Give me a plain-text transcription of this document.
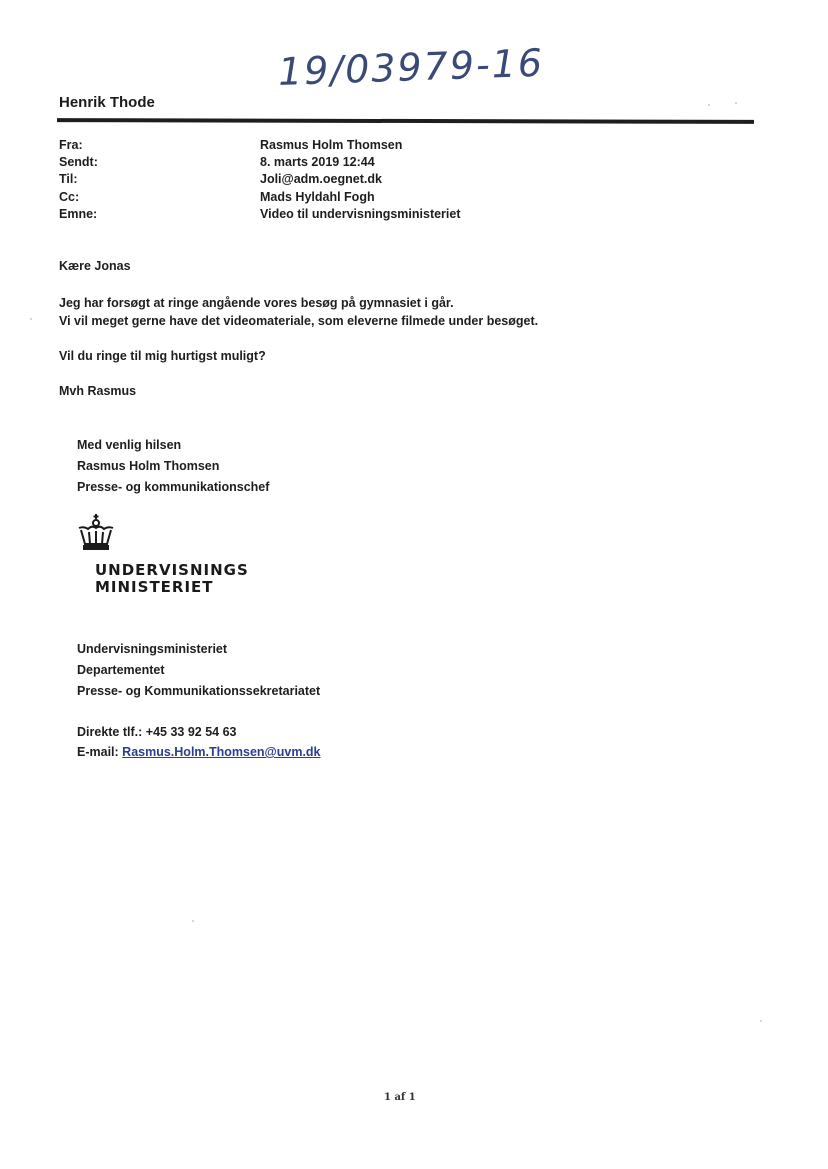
19/03979-16
Henrik Thode
Fra:	Rasmus Holm Thomsen
Sendt:	8. marts 2019 12:44
Til:	Joli@adm.oegnet.dk
Cc:	Mads Hyldahl Fogh
Emne:	Video til undervisningsministeriet
Kære Jonas
Jeg har forsøgt at ringe angående vores besøg på gymnasiet i går.
Vi vil meget gerne have det videomateriale, som eleverne filmede under besøget.
Vil du ringe til mig hurtigst muligt?
Mvh Rasmus
Med venlig hilsen
Rasmus Holm Thomsen
Presse- og kommunikationschef
UNDERVISNINGS
MINISTERIET
Undervisningsministeriet
Departementet
Presse- og Kommunikationssekretariatet
Direkte tlf.: +45 33 92 54 63
E-mail: Rasmus.Holm.Thomsen@uvm.dk
1 af 1
